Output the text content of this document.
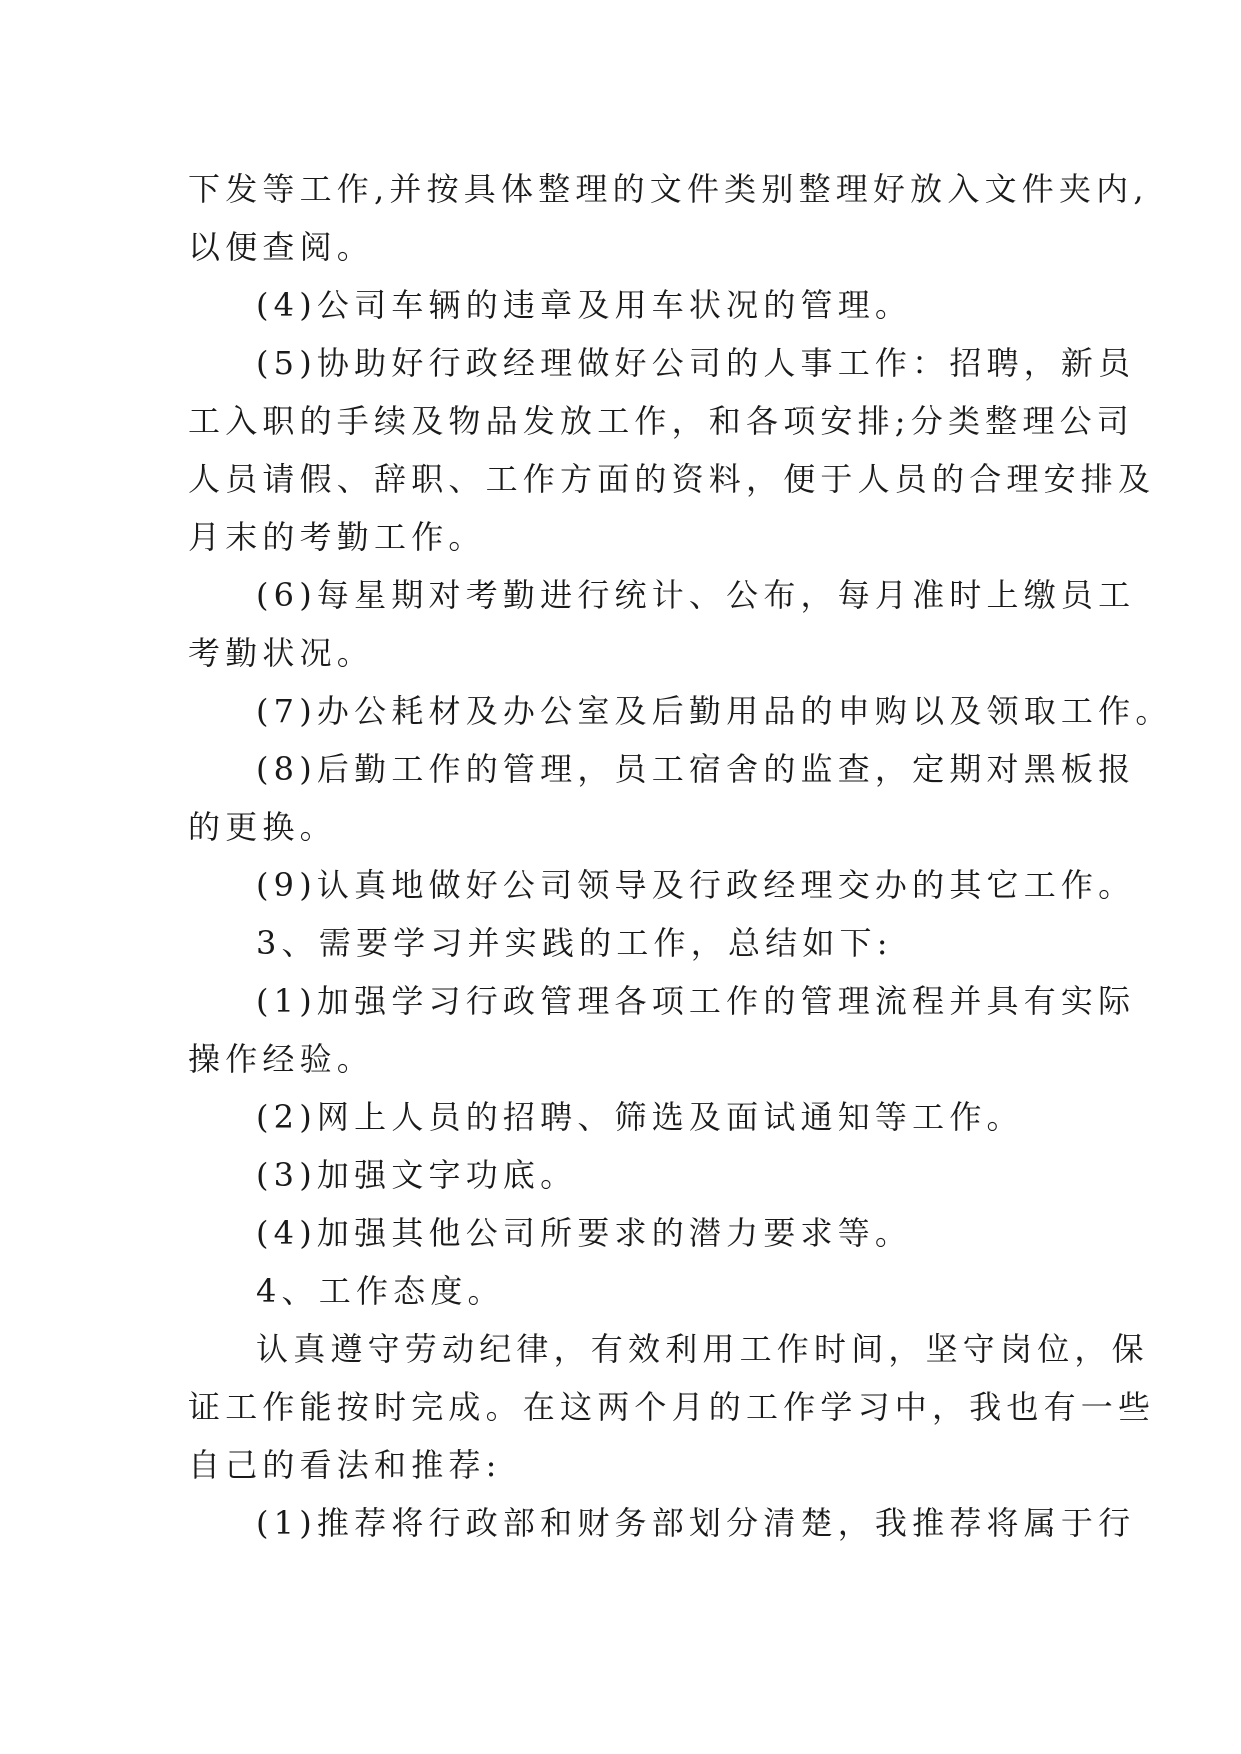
下发等工作,并按具体整理的文件类别整理好放入文件夹内,
以便查阅。
(4)公司车辆的违章及用车状况的管理。
(5)协助好行政经理做好公司的人事工作：招聘，新员
工入职的手续及物品发放工作，和各项安排;分类整理公司
人员请假、辞职、工作方面的资料，便于人员的合理安排及
月末的考勤工作。
(6)每星期对考勤进行统计、公布，每月准时上缴员工
考勤状况。
(7)办公耗材及办公室及后勤用品的申购以及领取工作。
(8)后勤工作的管理，员工宿舍的监查，定期对黑板报
的更换。
(9)认真地做好公司领导及行政经理交办的其它工作。
3、需要学习并实践的工作，总结如下:
(1)加强学习行政管理各项工作的管理流程并具有实际
操作经验。
(2)网上人员的招聘、筛选及面试通知等工作。
(3)加强文字功底。
(4)加强其他公司所要求的潜力要求等。
4、工作态度。
认真遵守劳动纪律，有效利用工作时间，坚守岗位，保
证工作能按时完成。在这两个月的工作学习中，我也有一些
自己的看法和推荐:
(1)推荐将行政部和财务部划分清楚，我推荐将属于行
